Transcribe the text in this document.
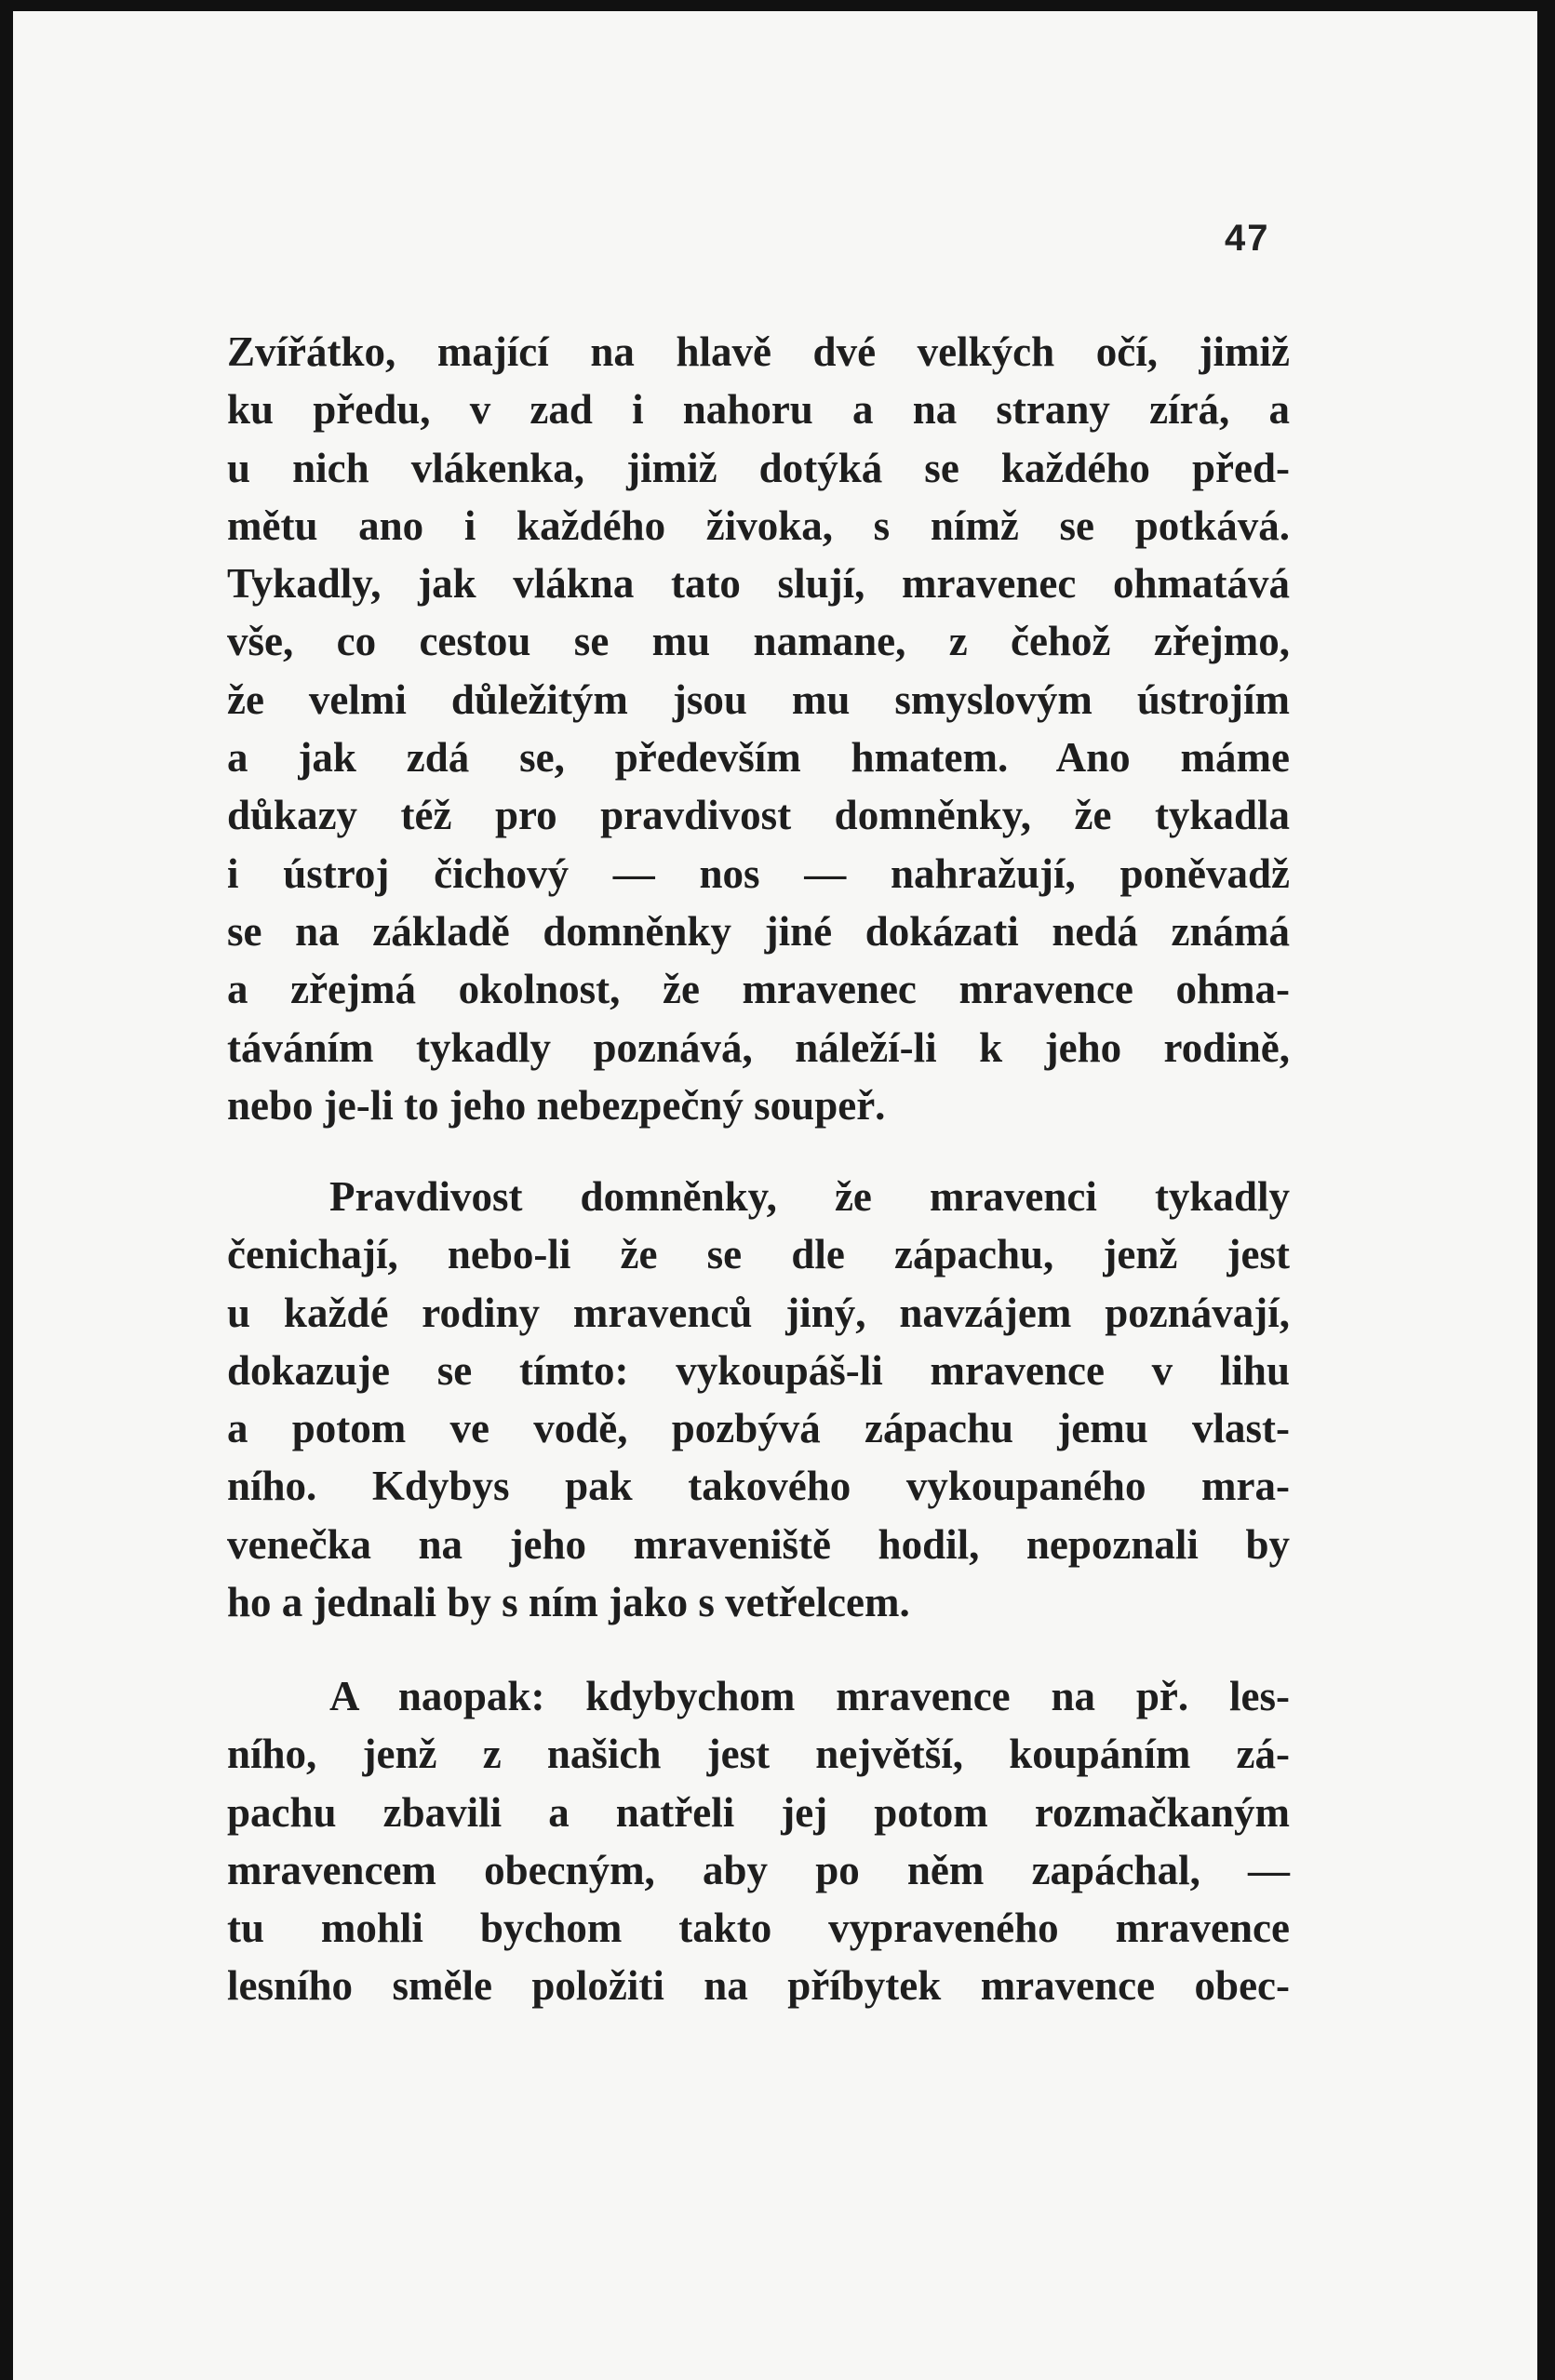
47
Zvířátko, mající na hlavě dvé velkých očí, jimiž
ku předu, v zad i nahoru a na strany zírá, a
u nich vlákenka, jimiž dotýká se každého před-
mětu ano i každého živoka, s nímž se potkává.
Tykadly, jak vlákna tato slují, mravenec ohmatává
vše, co cestou se mu namane, z čehož zřejmo,
že velmi důležitým jsou mu smyslovým ústrojím
a jak zdá se, především hmatem. Ano máme
důkazy též pro pravdivost domněnky, že tykadla
i ústroj čichový — nos — nahražují, poněvadž
se na základě domněnky jiné dokázati nedá známá
a zřejmá okolnost, že mravenec mravence ohma-
táváním tykadly poznává, náleží-li k jeho rodině,
nebo je-li to jeho nebezpečný soupeř.
Pravdivost domněnky, že mravenci tykadly
čenichají, nebo-li že se dle zápachu, jenž jest
u každé rodiny mravenců jiný, navzájem poznávají,
dokazuje se tímto: vykoupáš-li mravence v lihu
a potom ve vodě, pozbývá zápachu jemu vlast-
ního. Kdybys pak takového vykoupaného mra-
venečka na jeho mraveniště hodil, nepoznali by
ho a jednali by s ním jako s vetřelcem.
A naopak: kdybychom mravence na př. les-
ního, jenž z našich jest největší, koupáním zá-
pachu zbavili a natřeli jej potom rozmačkaným
mravencem obecným, aby po něm zapáchal, —
tu mohli bychom takto vypraveného mravence
lesního směle položiti na příbytek mravence obec-
